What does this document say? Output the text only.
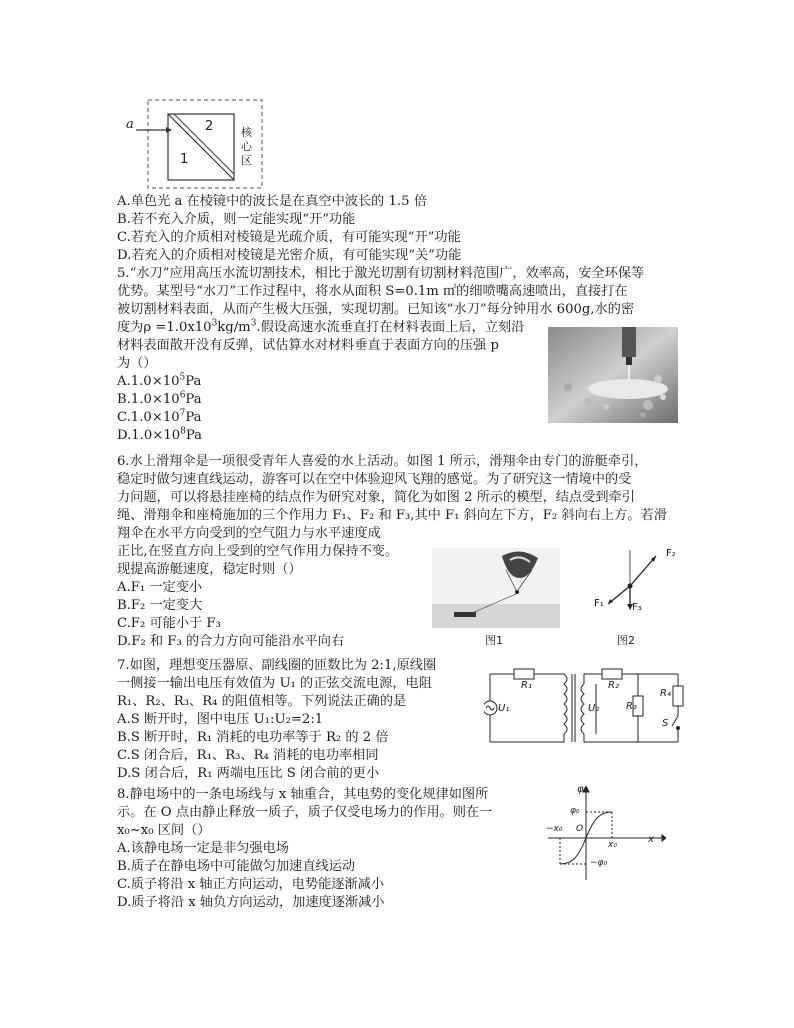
a	2
1
核
心
区
A.单色光 a 在棱镜中的波长是在真空中波长的 1.5 倍
B.若不充入介质，则一定能实现“开”功能
C.若充入的介质相对棱镜是光疏介质，有可能实现“开”功能
D.若充入的介质相对棱镜是光密介质，有可能实现“关”功能
5.“水刀”应用高压水流切割技术，相比于激光切割有切割材料范围广，效率高，安全环保等
优势。某型号“水刀”工作过程中，将水从面积 S=0.1m ㎡的细喷嘴高速喷出，直接打在
被切割材料表面，从而产生极大压强，实现切割。已知该“水刀”每分钟用水 600g,水的密
度为$\rho =1.0x10^3kg/m^3$.假设高速水流垂直打在材料表面上后，立刻沿
材料表面散开没有反弹，试估算水对材料垂直于表面方向的压强 p
为（）
$A.1.0\times 10^5Pa$
$B.1.0\times 10^6Pa$
$C.1.0\times 10^7Pa$
$D.1.0\times 10^8Pa$
6.水上滑翔伞是一项很受青年人喜爱的水上活动。如图 1 所示，滑翔伞由专门的游艇牵引，
稳定时做匀速直线运动，游客可以在空中体验迎风飞翔的感觉。为了研究这一情境中的受
力问题，可以将悬挂座椅的结点作为研究对象，简化为如图 2 所示的模型，结点受到牵引
绳、滑翔伞和座椅施加的三个作用力 F₁、F₂ 和 F₃,其中 F₁ 斜向左下方，F₂ 斜向右上方。若滑
翔伞在水平方向受到的空气阻力与水平速度成
正比,在竖直方向上受到的空气作用力保持不变。
现提高游艇速度，稳定时则（）
A.F₁ 一定变小
B.F₂ 一定变大
C.F₂ 可能小于 F₃
D.F₂ 和 F₃ 的合力方向可能沿水平向右	图1
F₂
F₁	F₃
图2
7.如图，理想变压器原、副线圈的匝数比为 2:1,原线圈
一侧接一输出电压有效值为 U₁ 的正弦交流电源，电阻
R₁、R₂、R₃、R₄ 的阻值相等。下列说法正确的是
A.S 断开时，图中电压 U₁:U₂=2:1
B.S 断开时，R₁ 消耗的电功率等于 R₂ 的 2 倍
C.S 闭合后，R₁、R₃、R₄ 消耗的电功率相同
D.S 闭合后，R₁ 两端电压比 S 闭合前的更小
R₁
U₁	U₂
R₂
R₃
R₄
S
8.静电场中的一条电场线与 x 轴重合，其电势的变化规律如图所
示。在 O 点由静止释放一质子，质子仅受电场力的作用。则在一
x₀~x₀ 区间（）
A.该静电场一定是非匀强电场
B.质子在静电场中可能做匀加速直线运动
C.质子将沿 x 轴正方向运动，电势能逐渐减小
D.质子将沿 x 轴负方向运动，加速度逐渐减小
φ
φ₀
−x₀ O
x₀	x
−φ₀
